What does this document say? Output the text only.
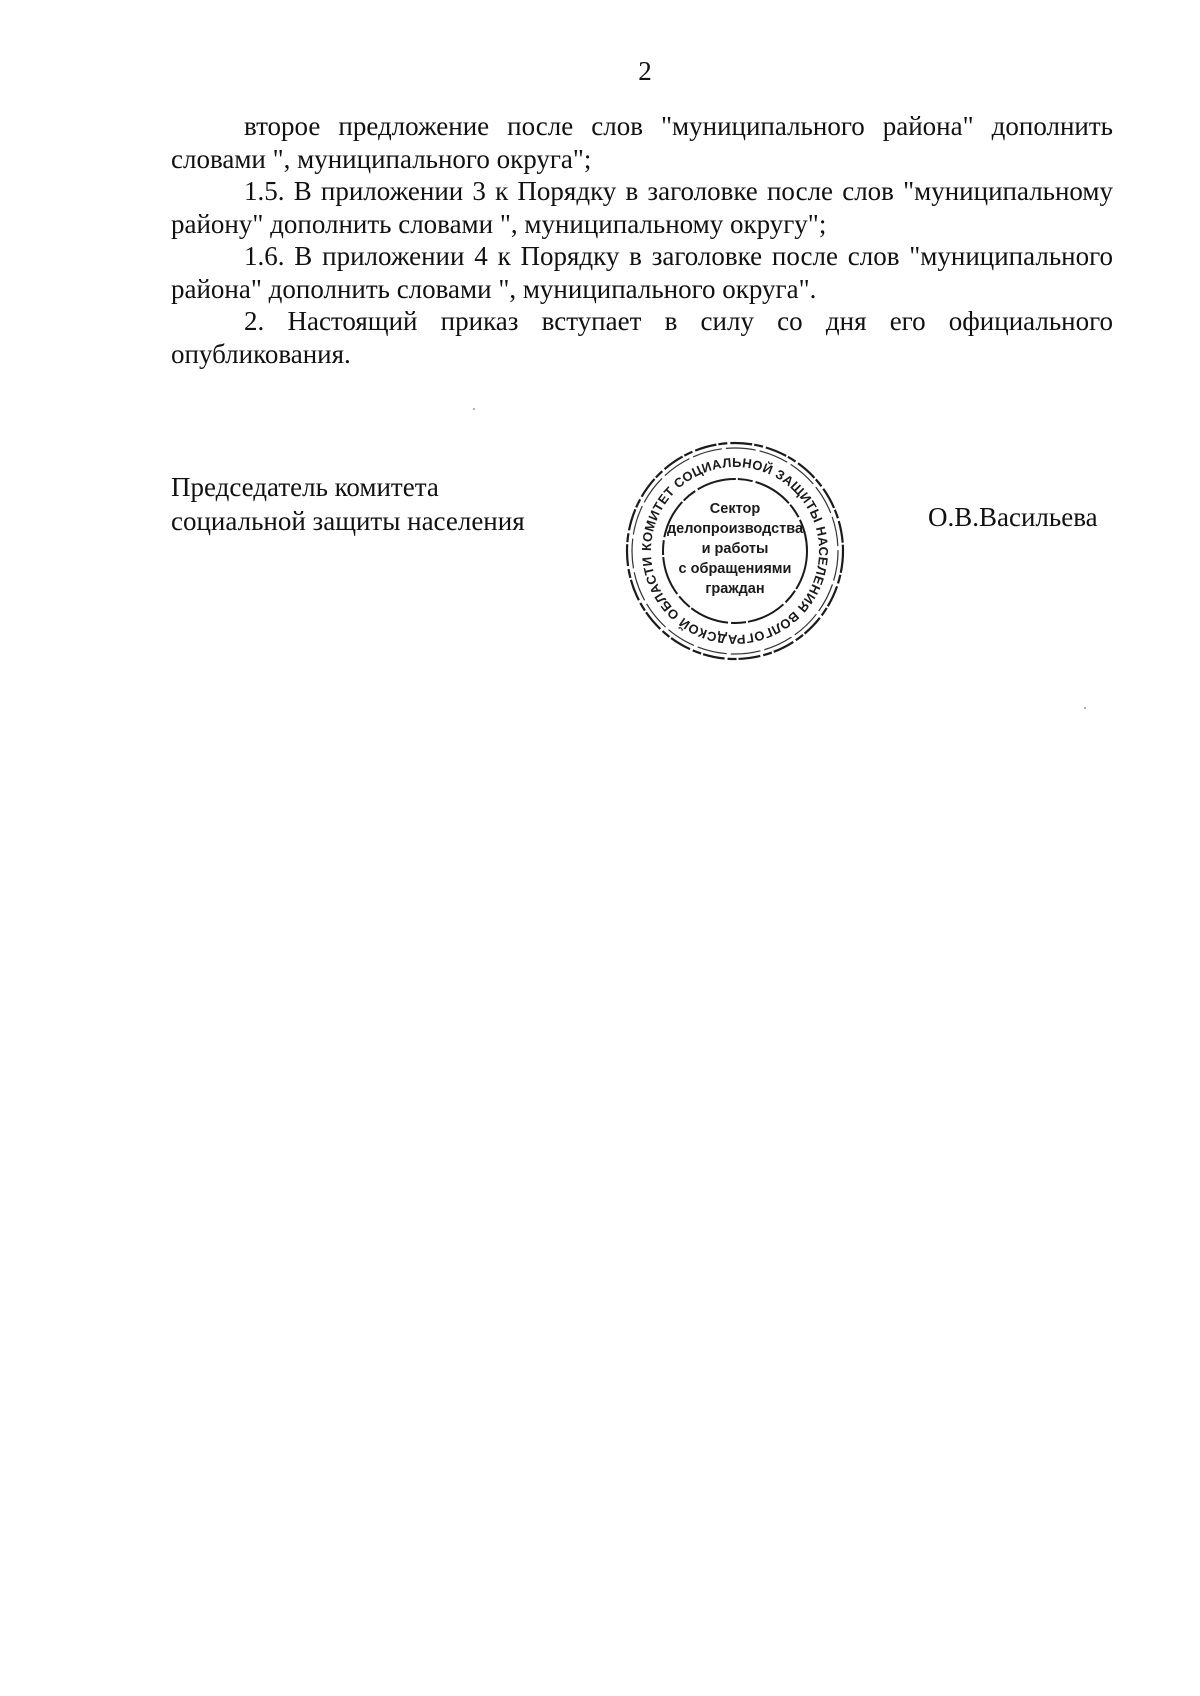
2

второе предложение после слов "муниципального района" дополнить словами ", муниципального округа";

1.5. В приложении 3 к Порядку в заголовке после слов "муниципальному району" дополнить словами ", муниципальному округу";

1.6. В приложении 4 к Порядку в заголовке после слов "муниципального района" дополнить словами ", муниципального округа".

2. Настоящий приказ вступает в силу со дня его официального опубликования.

Председатель комитета
социальной защиты населения
КОМИТЕТ СОЦИАЛЬНОЙ ЗАЩИТЫ НАСЕЛЕНИЯ ВОЛГОГРАДСКОЙ ОБЛАСТИ
Сектор
делопроизводства
и работы
с обращениями
граждан
О.В.Васильева
